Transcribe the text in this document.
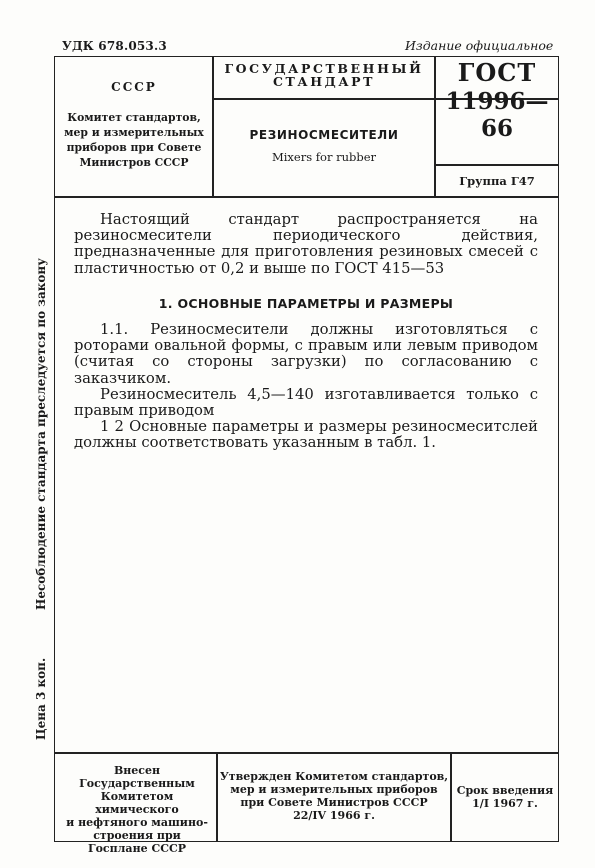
УДК 678.053.3	Издание официальное
СССР
Комитет стандартов,
мер и измерительных
приборов при Совете
Министров СССР
ГОСУДАРСТВЕННЫЙ
СТАНДАРТ
РЕЗИНОСМЕСИТЕЛИ
Mixers for rubber
ГОСТ
11996—66
Группа Г47

Настоящий стандарт распространяется на резиносмесители периодического действия, предназначенные для приготовления резиновых смесей с пластичностью от 0,2 и выше по ГОСТ 415—53

1. ОСНОВНЫЕ ПАРАМЕТРЫ И РАЗМЕРЫ

1.1. Резиносмесители должны изготовляться с роторами овальной формы, с правым или левым приводом (считая со стороны загрузки) по согласованию с заказчиком.

Резиносмеситель 4,5—140 изготавливается только с правым приводом

1 2 Основные параметры и размеры резиносмеситслей должны соответствовать указанным в табл. 1.

Несоблюдение стандарта преследуется по закону
Цена 3 коп.
Внесен Государственным
Комитетом химического
и нефтяного машино-
строения при
Госплане СССР
Утвержден Комитетом стандартов,
мер и измерительных приборов
при Совете Министров СССР
22/IV 1966 г.
Срок введения
1/I 1967 г.
